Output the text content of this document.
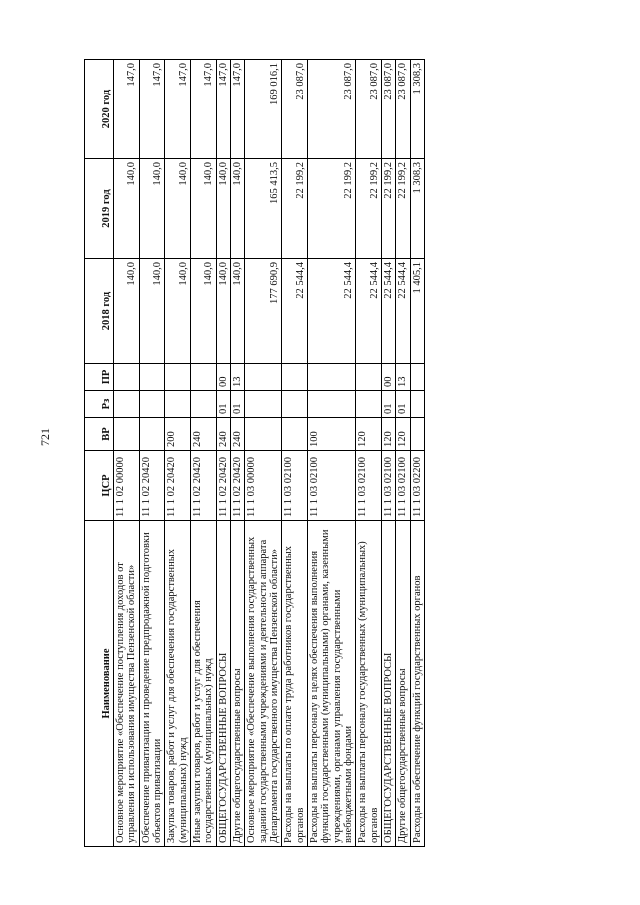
721
Наименование	ЦСР	ВР	Рз	ПР	2018 год	2019 год	2020 год
Основное мероприятие «Обеспечение поступления доходов от управления и использования имущества Пензенской области»	11 1 02 00000				140,0	140,0	147,0
Обеспечение приватизации и проведение предпродажной подготовки объектов приватизации	11 1 02 20420				140,0	140,0	147,0
Закупка товаров, работ и услуг для обеспечения государственных (муниципальных) нужд	11 1 02 20420	200			140,0	140,0	147,0
Иные закупки товаров, работ и услуг для обеспечения государственных (муниципальных) нужд	11 1 02 20420	240			140,0	140,0	147,0
ОБЩЕГОСУДАРСТВЕННЫЕ ВОПРОСЫ	11 1 02 20420	240	01	00	140,0	140,0	147,0
Другие общегосударственные вопросы	11 1 02 20420	240	01	13	140,0	140,0	147,0
Основное мероприятие «Обеспечение выполнения государственных заданий государственными учреждениями и деятельности аппарата Департамента государственного имущества Пензенской области»	11 1 03 00000				177 690,9	165 413,5	169 016,1
Расходы на выплаты по оплате труда работников государственных органов	11 1 03 02100				22 544,4	22 199,2	23 087,0
Расходы на выплаты персоналу в целях обеспечения выполнения функций государственными (муниципальными) органами, казенными учреждениями, органами управления государственными внебюджетными фондами	11 1 03 02100	100			22 544,4	22 199,2	23 087,0
Расходы на выплаты персоналу государственных (муниципальных) органов	11 1 03 02100	120			22 544,4	22 199,2	23 087,0
ОБЩЕГОСУДАРСТВЕННЫЕ ВОПРОСЫ	11 1 03 02100	120	01	00	22 544,4	22 199,2	23 087,0
Другие общегосударственные вопросы	11 1 03 02100	120	01	13	22 544,4	22 199,2	23 087,0
Расходы на обеспечение функций государственных органов	11 1 03 02200				1 405,1	1 308,3	1 308,3
